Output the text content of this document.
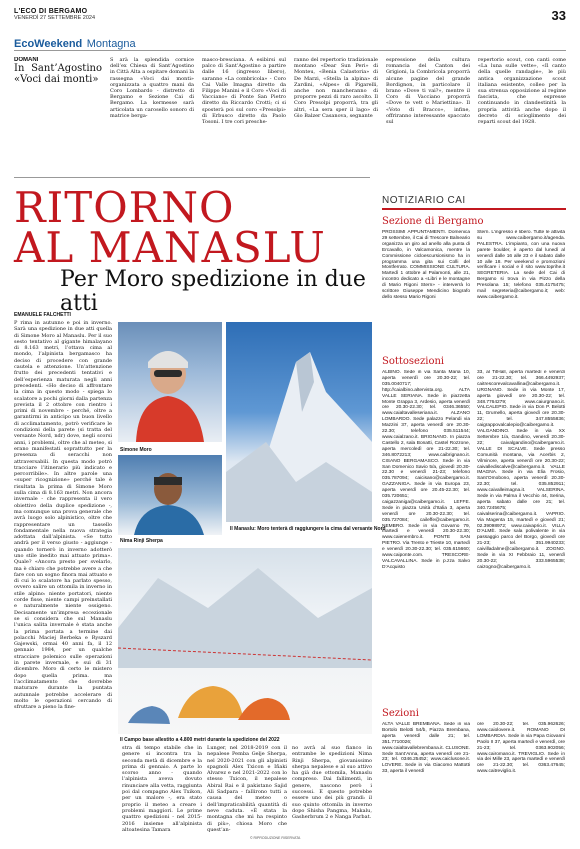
L'ECO DI BERGAMO
VENERDÌ 27 SETTEMBRE 2024	33
EcoWeekend Montagna
DOMANI
In Sant’Agostino «Voci dai monti»
S arà la splendida cornice dell’ex Chiesa di Sant’Agostino in Città Alta a ospitare domani la rassegna «Voci dai monti» organizzata a quattro mani da Coro Lombardo - distretto di Bergamo e Sezione Cai di Bergamo. La kermesse sarà articolata un carosello sonoro di matrice berga-
masco-bresciana. A esibirsi sul palco di Sant’Agostino a partire dalle 16 (ingresso libero), saranno «La combricola» - Coro Cai Valle Imagna diretto da Filippo Manini e il Coro «Voci di Vacciano» di Ponte San Pietro diretto da Riccardo Crotti; ci si sposterà poi sul coro «Presolpi» di Erbusco diretto da Paolo Tosoni. I tre cori presche-
ranno del repertorio tradizionale montano «Dear Sun Peri» di Monteu, «Benia Calastoria» di De Marzi, «Stella la alpina» di Zardini, «Alpes» di Pigarelli, anche non mancheranno di proporre pezzi di raro ascolto. Il Coro Presolpi proporrà, tra gli altri, «La sera sper il lago» di Gio Balzer Casanova, segnante
espressione della cultura romancia del Canton dei Grigioni, la Combricola proporrà alcune pagine del grande Bordignon, in particolare il brano «Dove ti vai?», mentre il Coro di Vacciano proporrà «Dove te vett o Mariettina». Il «Voto di Bracco», infine, offriranno interessante spaccato sul
repertorio scout, con canti come «La luna sulle vette», «Il canto della quelle randagie», le più antica organizzazione scout italiana esistente, colleo per la sua strenua opposizione al regime fascista, che espresse continuando in clandestinità la propria attività anche dopo il decreto di scioglimento dei reparti scout del 1928.
RITORNO
AL MANASLU
Per Moro spedizione in due atti
EMANUELE FALCHETTI
P rima in autunno e poi in inverno. Sarà una spedizione in due atti quella di Simone Moro al Manaslu. Per il suo sesto tentativo al gigante himalayano di 8.163 metri, l’ottava cima al mondo, l’alpinista bergamasco ha deciso di procedere con grande cautela e attenzione. Un’attenzione frutto dei precedenti tentativi e dell’esperienza maturata negli anni precedenti. «Ho deciso di affrontare la cima in questo modo - spiega lo scalatore a pochi giorni dalla partenza prevista il 2 ottobre con rientro i primi di novembre - perché, oltre a garantirmi in anticipo un buon livello di acclimatamento, potrò verificare le condizioni della parete (si tratta del versante Nord, ndr) dove, negli scorsi anni, i problemi, oltre che al meteo, si erano manifestati soprattutto per la presenza di seracchi non attraversabili. In questa modo potrò tracciare l’itinerario più indicato e percorribile». In altre parole una «super ricognizione» perché tale è risultata la prima di Simone Moro sulla cima di 8.163 metri. Non ancora invernale - che rappresenta il vero obiettivo della duplice spedizione -, ma comunque una prova generale che avrà luogo solo alpinistico, oltre che rappresentare un tassello fondamentale nella nuova strategia adottata dall’alpinista. «Se tutto andrà per il verso giusto - aggiunge - quando tornerò in inverno adotterò uno stile inedito mai attuato prima». Quale? «Ancora presto per svelarlo, ma è chiaro che potrebbe avere a che fare con un sogno finora mai attuato e di cui lo scalatore ha parlato spesso, ovvero salire un ottomila in inverno in stile alpino: niente portatori, niente corde fisse, niente campi preinstallati e naturalmente niente ossigeno. Decisamente un’impresa eccezionale se si considera che sul Manaslu l’unica salita invernale è stata anche la prima portata a termine dai polacchi Maciej Berbeka e Ryszard Gajewski, ormai 40 anni fa, il 12 gennaio 1984, per un qualche stracciare polemico sulle operazioni in parete invernale, e sui di 31 dicembre. Moro di certo le mistero dopo quella prima. ma l’acclimatamento che dovrebbe maturare durante la puntata autunnale potrebbe accelerare di molto le operazioni cercando di sfruttare a pieno la fine-
Simone Moro
Il Manaslu: Moro tenterà di raggiungere la cima dal versante Nord
Nima Rinji Sherpa
Il Campo base allestito a 4.800 metri durante la spedizione del 2022
stra di tempo stabile che in genere si incontra tra la seconda metà di dicembre e la prima di gennaio. A parte lo scorso anno - quando l’alpinista aveva dovuto rinunciare alla vetta, raggiunta poi dal compagno Alex Txikon, per un malore -, era stato proprio il meteo a creare i problemi maggiori. Le prime quattro spedizioni - nel 2015-2016 insieme all’alpinista altoatesina Tamara
Lunger, nel 2018-2019 con il nepalese Pemba Gelje Sherpa, nel 2020-2021 con gli alpinisti spagnoli Alex Txicon e Iñaki Alvarez e nel 2021-2022 con lo stesso Txicon, il nepalese Abiral Rai e il pakistano Sajid Ali Sadpara - fallirono tutti a causa del meteo o dell’impraticabilità quantità di neve caduta. «È stata la montagna che mi ha respinto di più», chiosa Moro che quest’an-
no avrà al suo fianco in entrambe le spedizioni Nima Rinji Sherpa, giovanissimo sherpa nepalese e al suo attivo ha già due ottomila, Manaslu compreso. Dai fallimenti, in genere, nascono però i successi. E questo potrebbe essere uno dei più grandi: il suo quinto ottomila in inverno dopo Shisha Pangma, Makalu, Gasherbrum 2 e Nanga Parbat.
© RIPRODUZIONE RISERVATA
NOTIZIARIO CAI
Sezione di Bergamo
PROSSIMI APPUNTAMENTI. Domenica 29 settembre, il Cai di Trescore Balneario organizza un giro ad anello alla punta di Ercavallo, in Valcamonica, mentre la Commissione cicloescursionismo ha in programma una gita sui Colli del Montferrato. COMMISSIONE CULTURA. Martedì 1 ottobre al Palamonti, alle 21, incontro dedicato a «Libri e le montagne di Mario Rigoni Stern» - interverrà lo scrittore Giuseppe Mendicino biografo dello stesso Mario Rigoni
Stern. L’ingresso è libero. Tutte le attività su www.caibergamo.it/agenda. PALESTRA. L’impianto, con una nuova parete boulder, è aperto dal lunedì al venerdì dalle 16 alle 23 e il sabato dalle 10 alle 18. Per weekend e promozioni verificare i social e il sito www.toprihe.it SEGRETERIA. La sede del Cai di Bergamo si trova in via Pizzo della Presolana 15; telefono 035.4175475; mail segreteria@caibergamo.it; web: www.caibergamo.it.
Sottosezioni
ALBINO. Sede in via Santa Maria 10, aperta venerdì ore 20.30-22; tel. 035.0040717; http://caialbino.altervista.org. ALTA VALLE SERIANA. Sede in piazzetta Monte Grappa 3, Ardesio, aperta venerdì ore 20.30-22.30; tel. 0346.36550; www.caialtavalleseriana.it. ALZANO LOMBARDO. Sede palazzo Pelandi via Mazzini 37, aperta venerdì ore 20.30-22.30; telefono 035.511544; www.caialzano.it. BRIGNANO. In piazza Castello 2, sala Bonatti, Castel Rozzone, aperta mercoledì ore 21-22.30; tel. 346.8072213; www.caibrignano.it. CISANO BERGAMASCO. Sede in via San Domenico Savio 5/a, giovedì 20.30-22.30 e venerdì 21-23; telefono 035.787094; caicisano@caibergamo.it. GAZZANIGA. Sede in via Europa 23, aperta venerdì ore 20.45-22.30; tel. 035.720651; caigazzaniga@caibergamo.it. LEFFE. Sede in piazza Unità d’Italia 3, aperta venerdì ore 20.30-22.30; tel. 035.727084; caileffe@caibergamo.it. NEMBRO. Sede in via Govarno 79, martedì e venerdì 20.30-22.30; www.caienembro.it. PONTE SAN PIETRO. Via Trento e Trieste 10, martedì e venerdì 20.30-22.30; tel. 035.615660; www.caiponte.com. TRESCORE-VALCAVALLINA. Sede in p.zza Salvo D’Acquisto
33, al TitHall, aperta martedì e venerdì ore 21-22.30; tel. 366.4492937; caitrescorevalcavallina@caibergamo.it. URGNANO. Sede in via Monte 17, aperta giovedì ore 20.30-22; tel. 348.7764279; www.caiurgnano.it. VALCALEPIO. Sede in via Don P. Belotti 11, Grumello, aperta giovedì ore 20.30-22; tel. 347.8555836; caigrappovalcalepio@caibergamo.it. VALGANDINO. Sede in via XX Settembre 1/a, Gandino, venerdì 20.30-22; caivalgandino@caibergamo.it. VALLE DI SCALVE. Sede presso Comunità montana, via Acerbis 2, Vilminore, aperta venerdì ore 20.30-22; caivallediscalve@caibergamo.it. VALLE IMAGNA. Sede in via Elia Frosio, Sant’Omobono, aperta venerdì 20.30-22.30; tel. 035.852911; www.caivalleimagna.it. VALSERINA. Sede in via Palma il Vecchio 44, Serina, aperta sabato dalle ore 21; tel. 340.7245675; caivalserina@caibergamo.it. VAPRIO. Via Magenta 15, martedì e giovedì 21; 02.39098972; www.caivaprio.it. VILLA D’ALMÈ. Sede sala polivalente in via passaggio parco del Borgo, giovedì ore 21-23; tel. 351.9940233; caivilladalme@caibergamo.it. ZOGNO. Sede in via XI Febbraio 11, venerdì 20.30-22; 333.5965538; caizogno@caibergamo.it.
Sezioni
ALTA VALLE BREMBANA. Sede in via Bortolo Belotti 54/b, Piazza Brembana, aperta venerdì dalle 21; tel. 351.7710026; www.caialtavallebrembana.it. CLUSONE. Sede Sant’Anna, aperta venerdì ore 21-23; tel. 0346.25452; www.caiclusone.it. LOVERE. Sede in via Giacomo Mattotti 33, aperta il venerdì
ore 20.30-22; tel. 035.962626; www.caiolovere.it. ROMANO DI LOMBARDIA. Sede in via Papa Giovanni Paolo II 37, aperta martedì e venerdì, ore 21-23; tel. 0363.902056; www.cairomano.it. TREVIGLIO. Sede in via dei Mille 23, aperta martedì e venerdì ore 21-22.30; tel. 0363.47645; www.caitreviglio.it.
